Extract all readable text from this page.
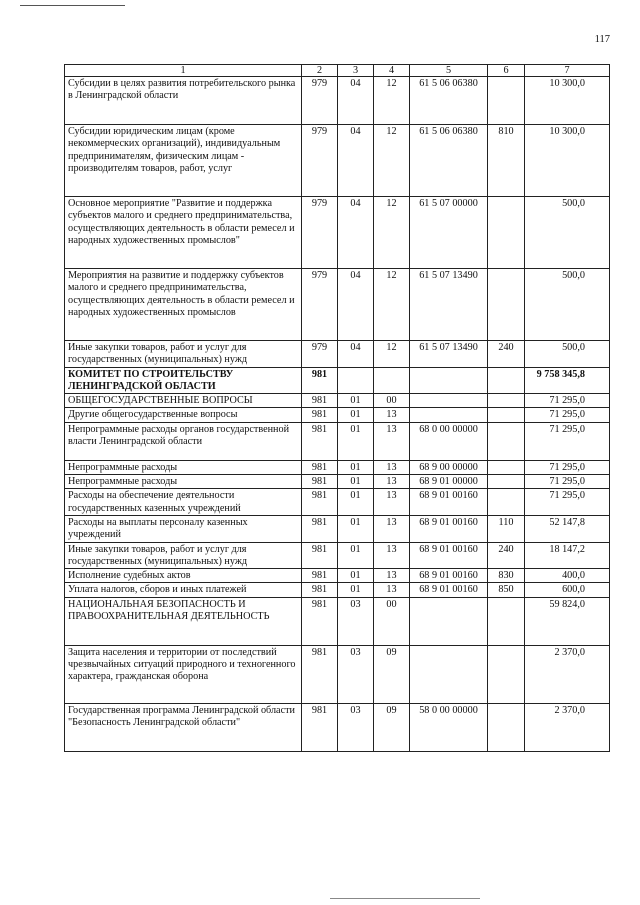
117
1	2	3	4	5	6	7
Субсидии в целях развития потребительского рынка в Ленинградской области	979	04	12	61 5 06 06380		10 300,0
Субсидии юридическим лицам (кроме некоммерческих организаций), индивидуальным предпринимателям, физическим лицам - производителям товаров, работ, услуг	979	04	12	61 5 06 06380	810	10 300,0
Основное мероприятие "Развитие и поддержка субъектов малого и среднего предпринимательства, осуществляющих деятельность в области ремесел и народных художественных промыслов"	979	04	12	61 5 07 00000		500,0
Мероприятия на развитие и поддержку субъектов малого и среднего предпринимательства, осуществляющих деятельность в области ремесел и народных художественных промыслов	979	04	12	61 5 07 13490		500,0
Иные закупки товаров, работ и услуг для государственных (муниципальных) нужд	979	04	12	61 5 07 13490	240	500,0
КОМИТЕТ ПО СТРОИТЕЛЬСТВУ ЛЕНИНГРАДСКОЙ ОБЛАСТИ	981					9 758 345,8
ОБЩЕГОСУДАРСТВЕННЫЕ ВОПРОСЫ	981	01	00			71 295,0
Другие общегосударственные вопросы	981	01	13			71 295,0
Непрограммные расходы органов государственной власти Ленинградской области	981	01	13	68 0 00 00000		71 295,0
Непрограммные расходы	981	01	13	68 9 00 00000		71 295,0
Непрограммные расходы	981	01	13	68 9 01 00000		71 295,0
Расходы на обеспечение деятельности государственных казенных учреждений	981	01	13	68 9 01 00160		71 295,0
Расходы на выплаты персоналу казенных учреждений	981	01	13	68 9 01 00160	110	52 147,8
Иные закупки товаров, работ и услуг для государственных (муниципальных) нужд	981	01	13	68 9 01 00160	240	18 147,2
Исполнение судебных актов	981	01	13	68 9 01 00160	830	400,0
Уплата налогов, сборов и иных платежей	981	01	13	68 9 01 00160	850	600,0
НАЦИОНАЛЬНАЯ БЕЗОПАСНОСТЬ И ПРАВООХРАНИТЕЛЬНАЯ ДЕЯТЕЛЬНОСТЬ	981	03	00			59 824,0
Защита населения и территории от последствий чрезвычайных ситуаций природного и техногенного характера, гражданская оборона	981	03	09			2 370,0
Государственная программа Ленинградской области "Безопасность Ленинградской области"	981	03	09	58 0 00 00000		2 370,0
